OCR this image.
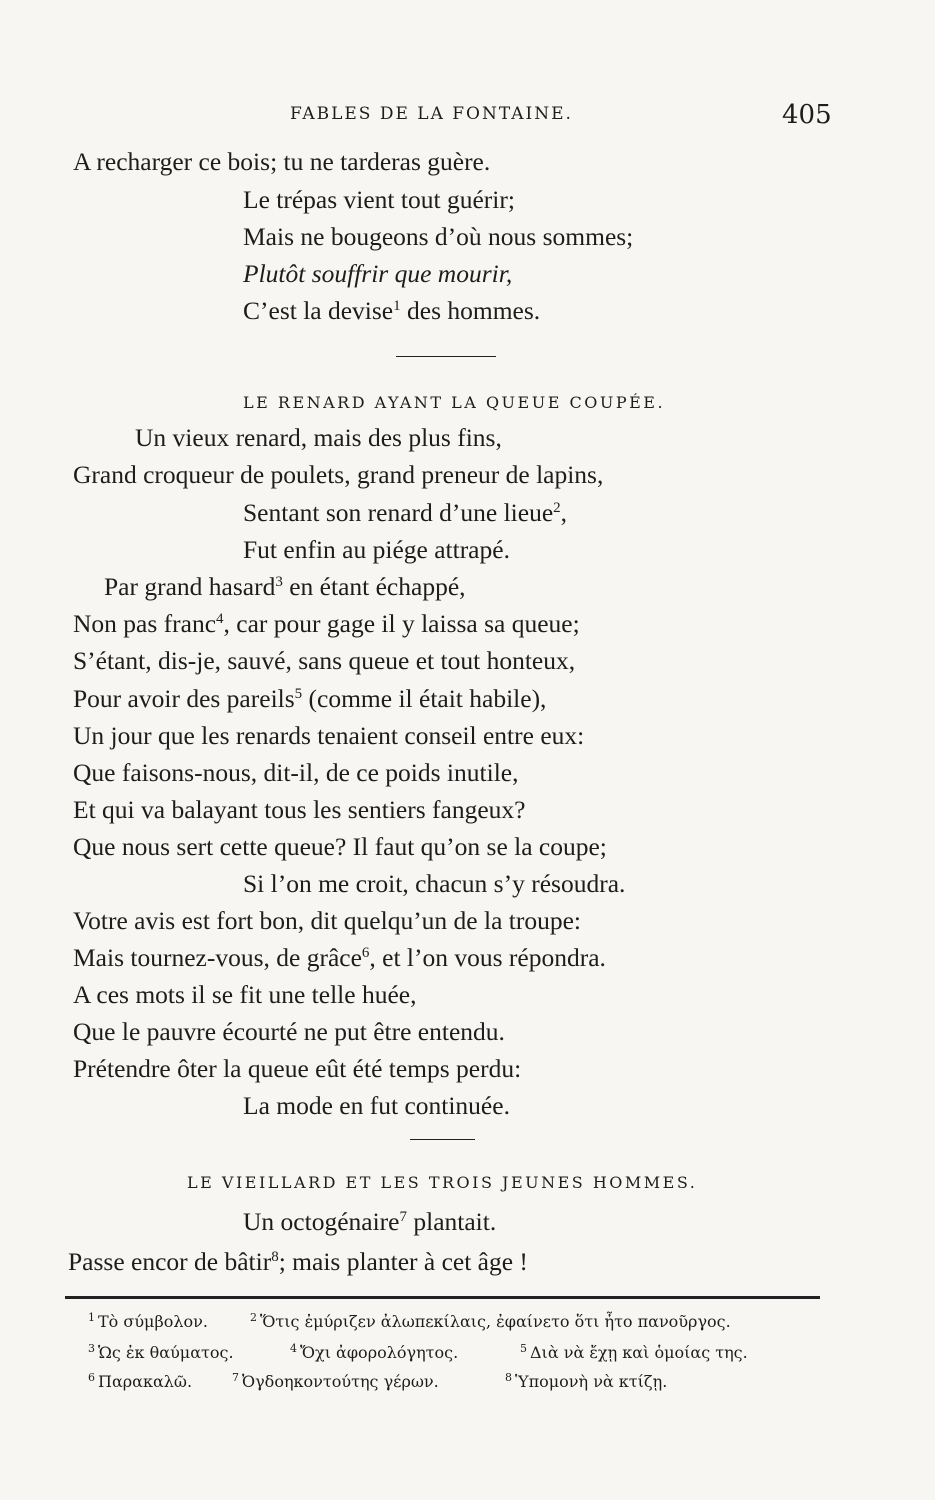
FABLES DE LA FONTAINE.	405
A recharger ce bois; tu ne tarderas guère.
Le trépas vient tout guérir;
Mais ne bougeons d’où nous sommes;
Plutôt souffrir que mourir,
C’est la devise$^1$ des hommes.
LE RENARD AYANT LA QUEUE COUPÉE.
Un vieux renard, mais des plus fins,
Grand croqueur de poulets, grand preneur de lapins,
Sentant son renard d’une lieue$^2$,
Fut enfin au piége attrapé.
Par grand hasard$^3$ en étant échappé,
Non pas franc$^4$, car pour gage il y laissa sa queue;
S’étant, dis-je, sauvé, sans queue et tout honteux,
Pour avoir des pareils$^5$ (comme il était habile),
Un jour que les renards tenaient conseil entre eux:
Que faisons-nous, dit-il, de ce poids inutile,
Et qui va balayant tous les sentiers fangeux?
Que nous sert cette queue? Il faut qu’on se la coupe;
Si l’on me croit, chacun s’y résoudra.
Votre avis est fort bon, dit quelqu’un de la troupe:
Mais tournez-vous, de grâce$^6$, et l’on vous répondra.
A ces mots il se fit une telle huée,
Que le pauvre écourté ne put être entendu.
Prétendre ôter la queue eût été temps perdu:
La mode en fut continuée.
LE VIEILLARD ET LES TROIS JEUNES HOMMES.
Un octogénaire$^7$ plantait.
Passe encor de bâtir$^8$; mais planter à cet âge !
$^1$ Τὸ σύμβολον.	$^2$ Ὅτις ἐμύριζεν ἀλωπεκίλαις, ἐφαίνετο ὅτι ἦτο πανοῦργος.
$^3$ Ὡς ἐκ θαύματος.	$^4$ Ὄχι ἀφορολόγητος.	$^5$ Διὰ νὰ ἔχῃ καὶ ὁμοίας της.
$^6$ Παρακαλῶ.	$^7$ Ὀγδοηκοντούτης γέρων.	$^8$ Ὑπομονὴ νὰ κτίζῃ.
